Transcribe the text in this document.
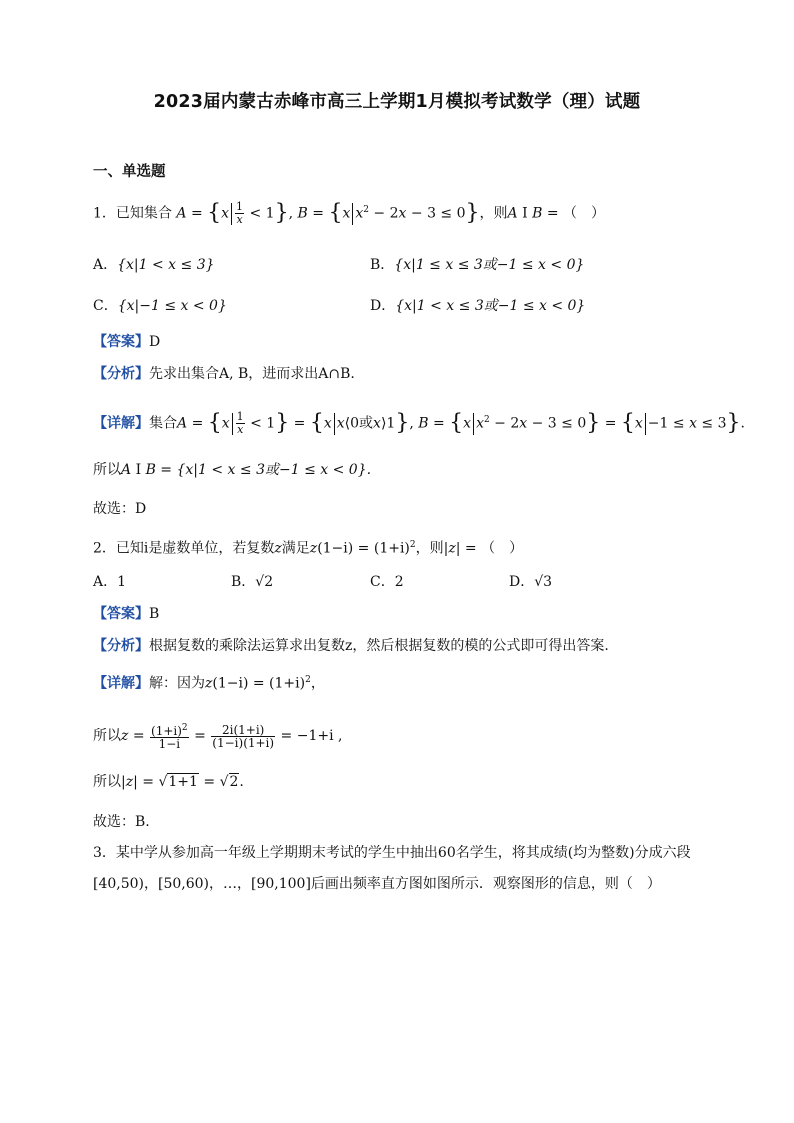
2023届内蒙古赤峰市高三上学期1月模拟考试数学（理）试题
一、单选题
1．已知集合 $A = \{x \frac{1}{x} < 1\}$, B = {x $x^2 - 2x - 3 \le 0$}，则A I B = （　）
A．{x|1 < x ≤ 3}	B．{x|1 ≤ x ≤ 3或−1 ≤ x < 0}
C．{x|−1 ≤ x < 0}	D．{x|1 < x ≤ 3或−1 ≤ x < 0}
【答案】D
【分析】先求出集合A, B，进而求出A∩B.
【详解】集合$A = \{x \frac{1}{x} < 1\} = \{x$ x⟨0或x⟩1}, B = {x $x^2 - 2x - 3 \le 0\} = \{x -1 \le x \le 3\}$.
所以A I B = {x|1 < x ≤ 3或−1 ≤ x < 0}.
故选：D
2．已知i是虚数单位，若复数z满足$z(1-i) = (1+i)^2$，则|z| = （　）
A．1	B．√2	C．2	D．√3
【答案】B
【分析】根据复数的乘除法运算求出复数z，然后根据复数的模的公式即可得出答案.
【详解】解：因为$z(1-i) = (1+i)^2$，
所以$z = \frac{(1+i)^2}{1-i} = \frac{2i(1+i)}{(1-i)(1+i)} = -1+i$ ,
所以|z| = √1+1 = √2.
故选：B.
3．某中学从参加高一年级上学期期末考试的学生中抽出60名学生，将其成绩(均为整数)分成六段
[40,50)，[50,60)，…，[90,100]后画出频率直方图如图所示．观察图形的信息，则（　）
